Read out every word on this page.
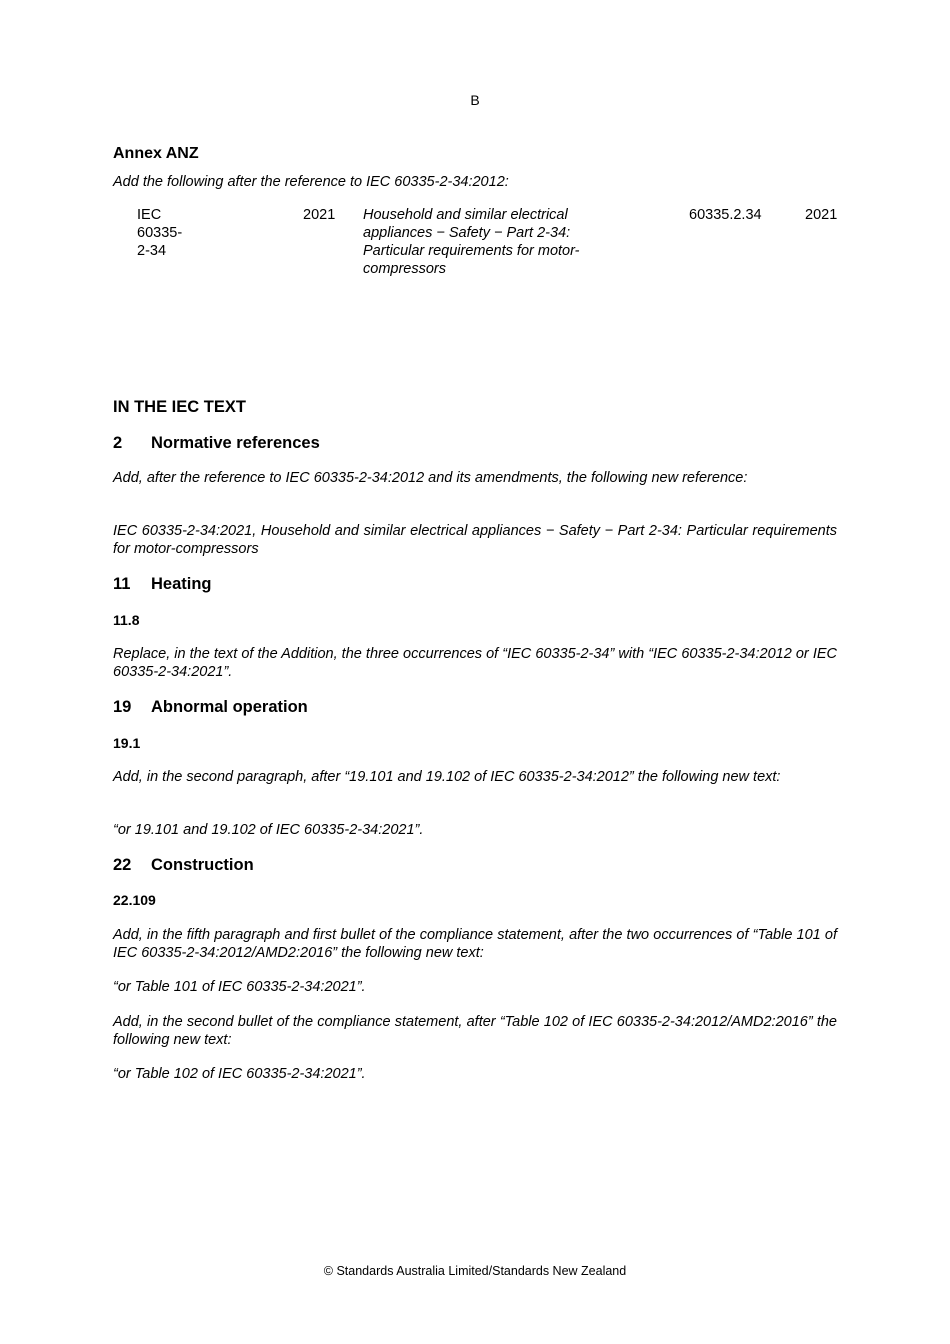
B
Annex ANZ
Add the following after the reference to IEC 60335-2-34:2012:
IEC 60335-2-34
2021 Household and similar electrical
appliances − Safety − Part 2-34:
Particular requirements for motor-
compressors
60335.2.34	2021
IN THE IEC TEXT
2 Normative references
Add, after the reference to IEC 60335-2-34:2012 and its amendments, the following new reference:
IEC 60335-2-34:2021, Household and similar electrical appliances − Safety − Part 2-34: Particular requirements for motor-compressors
11 Heating
11.8
Replace, in the text of the Addition, the three occurrences of “IEC 60335-2-34” with “IEC 60335-2-34:2012 or IEC 60335-2-34:2021”.
19 Abnormal operation
19.1
Add, in the second paragraph, after “19.101 and 19.102 of IEC 60335-2-34:2012” the following new text:
“or 19.101 and 19.102 of IEC 60335-2-34:2021”.
22 Construction
22.109
Add, in the fifth paragraph and first bullet of the compliance statement, after the two occurrences of “Table 101 of IEC 60335-2-34:2012/AMD2:2016” the following new text:
“or Table 101 of IEC 60335-2-34:2021”.
Add, in the second bullet of the compliance statement, after “Table 102 of IEC 60335-2-34:2012/AMD2:2016” the following new text:
“or Table 102 of IEC 60335-2-34:2021”.
© Standards Australia Limited/Standards New Zealand
